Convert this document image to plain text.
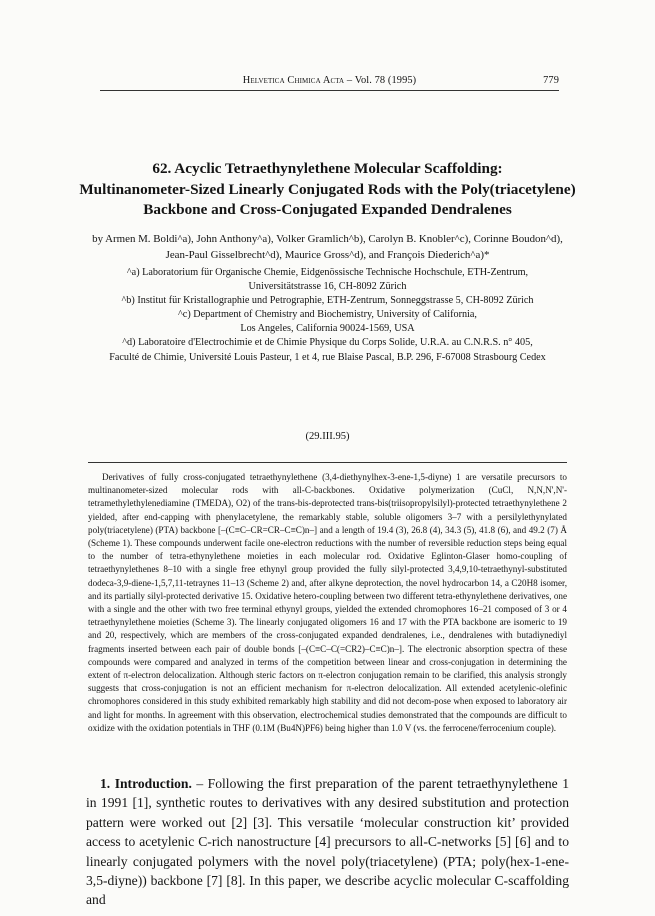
Helvetica Chimica Acta – Vol. 78 (1995)	779
62. Acyclic Tetraethynylethene Molecular Scaffolding:
Multinanometer-Sized Linearly Conjugated Rods with the Poly(triacetylene)
Backbone and Cross-Conjugated Expanded Dendralenes
by Armen M. Boldi^a), John Anthony^a), Volker Gramlich^b), Carolyn B. Knobler^c), Corinne Boudon^d),
Jean-Paul Gisselbrecht^d), Maurice Gross^d), and François Diederich^a)*
^a) Laboratorium für Organische Chemie, Eidgenössische Technische Hochschule, ETH-Zentrum,
Universitätstrasse 16, CH-8092 Zürich
^b) Institut für Kristallographie und Petrographie, ETH-Zentrum, Sonneggstrasse 5, CH-8092 Zürich
^c) Department of Chemistry and Biochemistry, University of California,
Los Angeles, California 90024-1569, USA
^d) Laboratoire d'Electrochimie et de Chimie Physique du Corps Solide, U.R.A. au C.N.R.S. n° 405,
Faculté de Chimie, Université Louis Pasteur, 1 et 4, rue Blaise Pascal, B.P. 296, F-67008 Strasbourg Cedex
(29.III.95)
Derivatives of fully cross-conjugated tetraethynylethene (3,4-diethynylhex-3-ene-1,5-diyne) 1 are versatile precursors to multinanometer-sized molecular rods with all-C-backbones. Oxidative polymerization (CuCl, N,N,N',N'-tetramethylethylenediamine (TMEDA), O2) of the trans-bis-deprotected trans-bis(triisopropylsilyl)-protected tetraethynylethene 2 yielded, after end-capping with phenylacetylene, the remarkably stable, soluble oligomers 3–7 with a persilylethynylated poly(triacetylene) (PTA) backbone [–(C≡C–CR=CR–C≡C)n–] and a length of 19.4 (3), 26.8 (4), 34.3 (5), 41.8 (6), and 49.2 (7) Å (Scheme 1). These compounds underwent facile one-electron reductions with the number of reversible reduction steps being equal to the number of tetra-ethynylethene moieties in each molecular rod. Oxidative Eglinton-Glaser homo-coupling of tetraethynylethenes 8–10 with a single free ethynyl group provided the fully silyl-protected 3,4,9,10-tetraethynyl-substituted dodeca-3,9-diene-1,5,7,11-tetraynes 11–13 (Scheme 2) and, after alkyne deprotection, the novel hydrocarbon 14, a C20H8 isomer, and its partially silyl-protected derivative 15. Oxidative hetero-coupling between two different tetra-ethynylethene derivatives, one with a single and the other with two free terminal ethynyl groups, yielded the extended chromophores 16–21 composed of 3 or 4 tetraethynylethene moieties (Scheme 3). The linearly conjugated oligomers 16 and 17 with the PTA backbone are isomeric to 19 and 20, respectively, which are members of the cross-conjugated expanded dendralenes, i.e., dendralenes with butadiynediyl fragments inserted between each pair of double bonds [–(C≡C–C(=CR2)–C≡C)n–]. The electronic absorption spectra of these compounds were compared and analyzed in terms of the competition between linear and cross-conjugation in determining the extent of π-electron delocalization. Although steric factors on π-electron conjugation remain to be clarified, this analysis strongly suggests that cross-conjugation is not an efficient mechanism for π-electron delocalization. All extended acetylenic-olefinic chromophores considered in this study exhibited remarkably high stability and did not decom-pose when exposed to laboratory air and light for months. In agreement with this observation, electrochemical studies demonstrated that the compounds are difficult to oxidize with the oxidation potentials in THF (0.1M (Bu4N)PF6) being higher than 1.0 V (vs. the ferrocene/ferrocenium couple).
1. Introduction. – Following the first preparation of the parent tetraethynylethene 1 in 1991 [1], synthetic routes to derivatives with any desired substitution and protection pattern were worked out [2] [3]. This versatile ‘molecular construction kit’ provided access to acetylenic C-rich nanostructure [4] precursors to all-C-networks [5] [6] and to linearly conjugated polymers with the novel poly(triacetylene) (PTA; poly(hex-1-ene-3,5-diyne)) backbone [7] [8]. In this paper, we describe acyclic molecular C-scaffolding and
